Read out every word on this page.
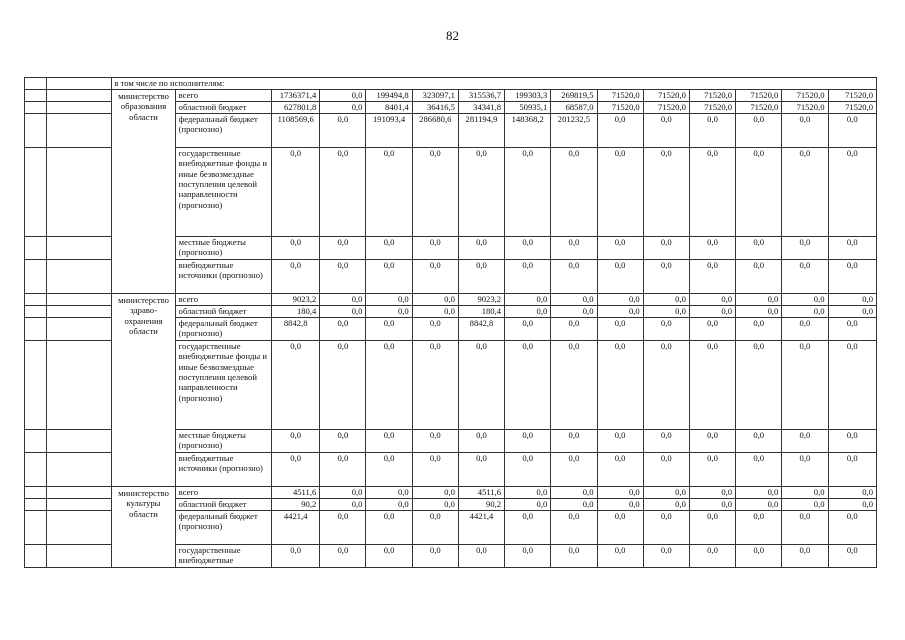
82
		в том числе по исполнителям:														

		министерство
образования
области	всего	1736371,4	0,0	199494,8	323097,1	315536,7	199303,3	269819,5	71520,0	71520,0	71520,0	71520,0	71520,0	71520,0
			областной бюджет	627801,8	0,0	8401,4	36416,5	34341,8	50935,1	68587,0	71520,0	71520,0	71520,0	71520,0	71520,0	71520,0
			федеральный бюджет (прогнозно)	1108569,6	0,0	191093,4	286680,6	281194,9	148368,2	201232,5	0,0	0,0	0,0	0,0	0,0	0,0
			государственные внебюджетные фонды и иные безвозмездные поступления целевой направленности (прогнозно)	0,0	0,0	0,0	0,0	0,0	0,0	0,0	0,0	0,0	0,0	0,0	0,0	0,0
			местные бюджеты (прогнозно)	0,0	0,0	0,0	0,0	0,0	0,0	0,0	0,0	0,0	0,0	0,0	0,0	0,0
			внебюджетные источники (прогнозно)	0,0	0,0	0,0	0,0	0,0	0,0	0,0	0,0	0,0	0,0	0,0	0,0	0,0

		министерство
здраво-
охранения
области	всего	9023,2	0,0	0,0	0,0	9023,2	0,0	0,0	0,0	0,0	0,0	0,0	0,0	0,0
			областной бюджет	180,4	0,0	0,0	0,0	180,4	0,0	0,0	0,0	0,0	0,0	0,0	0,0	0,0
			федеральный бюджет (прогнозно)	8842,8	0,0	0,0	0,0	8842,8	0,0	0,0	0,0	0,0	0,0	0,0	0,0	0,0
			государственные внебюджетные фонды и иные безвозмездные поступления целевой направленности (прогнозно)	0,0	0,0	0,0	0,0	0,0	0,0	0,0	0,0	0,0	0,0	0,0	0,0	0,0
			местные бюджеты (прогнозно)	0,0	0,0	0,0	0,0	0,0	0,0	0,0	0,0	0,0	0,0	0,0	0,0	0,0
			внебюджетные источники (прогнозно)	0,0	0,0	0,0	0,0	0,0	0,0	0,0	0,0	0,0	0,0	0,0	0,0	0,0

		министерство
культуры
области	всего	4511,6	0,0	0,0	0,0	4511,6	0,0	0,0	0,0	0,0	0,0	0,0	0,0	0,0
			областной бюджет	90,2	0,0	0,0	0,0	90,2	0,0	0,0	0,0	0,0	0,0	0,0	0,0	0,0
			федеральный бюджет (прогнозно)	4421,4	0,0	0,0	0,0	4421,4	0,0	0,0	0,0	0,0	0,0	0,0	0,0	0,0
			государственные внебюджетные	0,0	0,0	0,0	0,0	0,0	0,0	0,0	0,0	0,0	0,0	0,0	0,0	0,0
